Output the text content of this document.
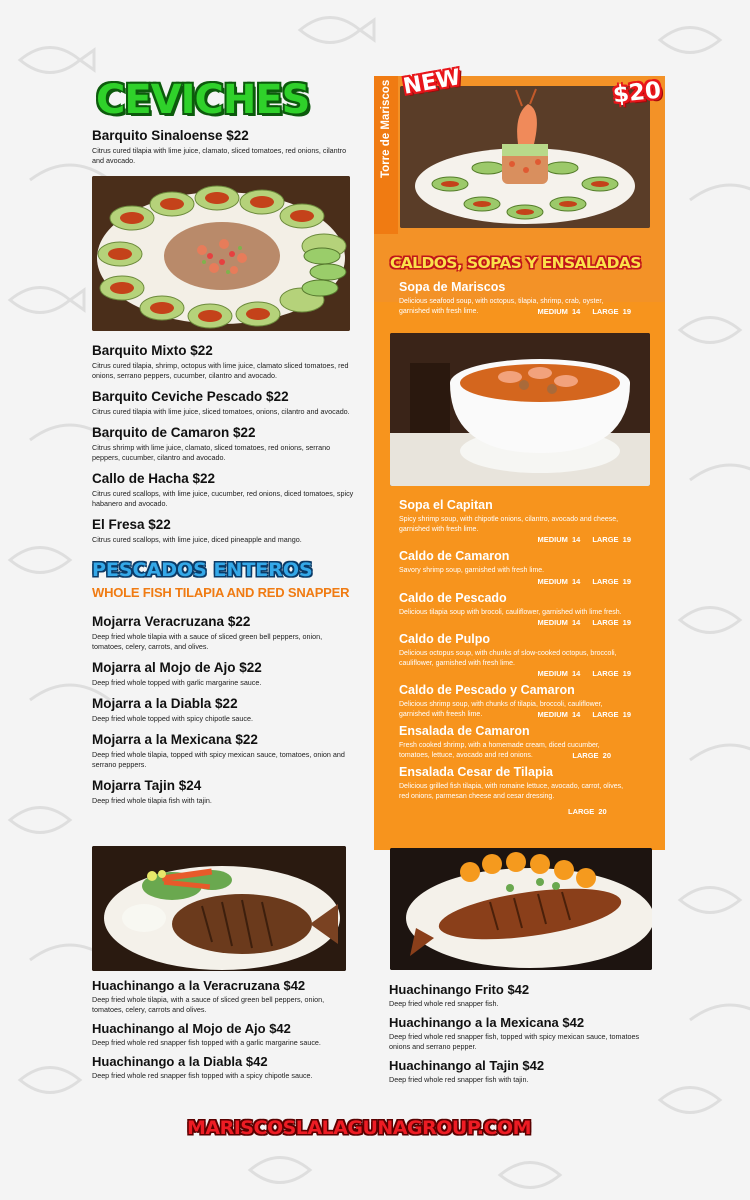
CEVICHES
Barquito Sinaloense $22
Citrus cured tilapia with lime juice, clamato, sliced tomatoes, red onions, cilantro and avocado.
Barquito Mixto $22
Citrus cured tilapia, shrimp, octopus with lime juice, clamato sliced tomatoes, red onions, serrano peppers, cucumber, cilantro and avocado.
Barquito Ceviche Pescado $22
Citrus cured tilapia with lime juice, sliced tomatoes, onions, cilantro and avocado.
Barquito de Camaron $22
Citrus shrimp with lime juice, clamato, sliced tomatoes, red onions, serrano peppers, cucumber, cilantro and avocado.
Callo de Hacha $22
Citrus cured scallops, with lime juice, cucumber, red onions, diced tomatoes, spicy habanero and avocado.
El Fresa $22
Citrus cured scallops, with lime juice, diced pineapple and mango.
PESCADOS ENTEROS
WHOLE FISH TILAPIA AND RED SNAPPER
Mojarra Veracruzana $22
Deep fried whole tilapia with a sauce of sliced green bell peppers, onion, tomatoes, celery, carrots, and olives.
Mojarra al Mojo de Ajo $22
Deep fried whole topped with garlic margarine sauce.
Mojarra a la Diabla $22
Deep fried whole topped with spicy chipotle sauce.
Mojarra a la Mexicana $22
Deep fried whole tilapia, topped with spicy mexican sauce, tomatoes, onion and serrano peppers.
Mojarra Tajin $24
Deep fried whole tilapia fish with tajin.
Torre de Mariscos NEW	$20
CALDOS, SOPAS Y ENSALADAS
Sopa de Mariscos
Delicious seafood soup, with octopus, tilapia, shrimp, crab, oyster, garnished with fresh lime.	MEDIUM 14 LARGE 19
Sopa el Capitan
Spicy shrimp soup, with chipotle onions, cilantro, avocado and cheese, garnished with fresh lime.
MEDIUM 14 LARGE 19
Caldo de Camaron
Savory shrimp soup, garnished with fresh lime.
MEDIUM 14 LARGE 19
Caldo de Pescado
Delicious tilapia soup with brocoli, cauliflower, garnished with lime fresh.
MEDIUM 14 LARGE 19
Caldo de Pulpo
Delicious octopus soup, with chunks of slow-cooked octopus, broccoli, cauliflower, garnished with fresh lime.
MEDIUM 14 LARGE 19
Caldo de Pescado y Camaron
Delicious shrimp soup, with chunks of tilapia, broccoli, cauliflower, garnished with freesh lime.	MEDIUM 14 LARGE 19
Ensalada de Camaron
Fresh cooked shrimp, with a homemade cream, diced cucumber, tomatoes, lettuce, avocado and red onions.	LARGE 20
Ensalada Cesar de Tilapia
Delicious grilled fish tilapia, with romaine lettuce, avocado, carrot, olives, red onions, parmesan cheese and cesar dressing.
LARGE 20
Huachinango a la Veracruzana $42
Deep fried whole tilapia, with a sauce of sliced green bell peppers, onion, tomatoes, celery, carrots and olives.
Huachinango al Mojo de Ajo $42
Deep fried whole red snapper fish topped with a garlic margarine sauce.
Huachinango a la Diabla $42
Deep fried whole red snapper fish topped with a spicy chipotle sauce.
Huachinango Frito $42
Deep fried whole red snapper fish.
Huachinango a la Mexicana $42
Deep fried whole red snapper fish, topped with spicy mexican sauce, tomatoes onions and serrano pepper.
Huachinango al Tajin $42
Deep fried whole red snapper fish with tajin.
MARISCOSLALAGUNAGROUP.COM
